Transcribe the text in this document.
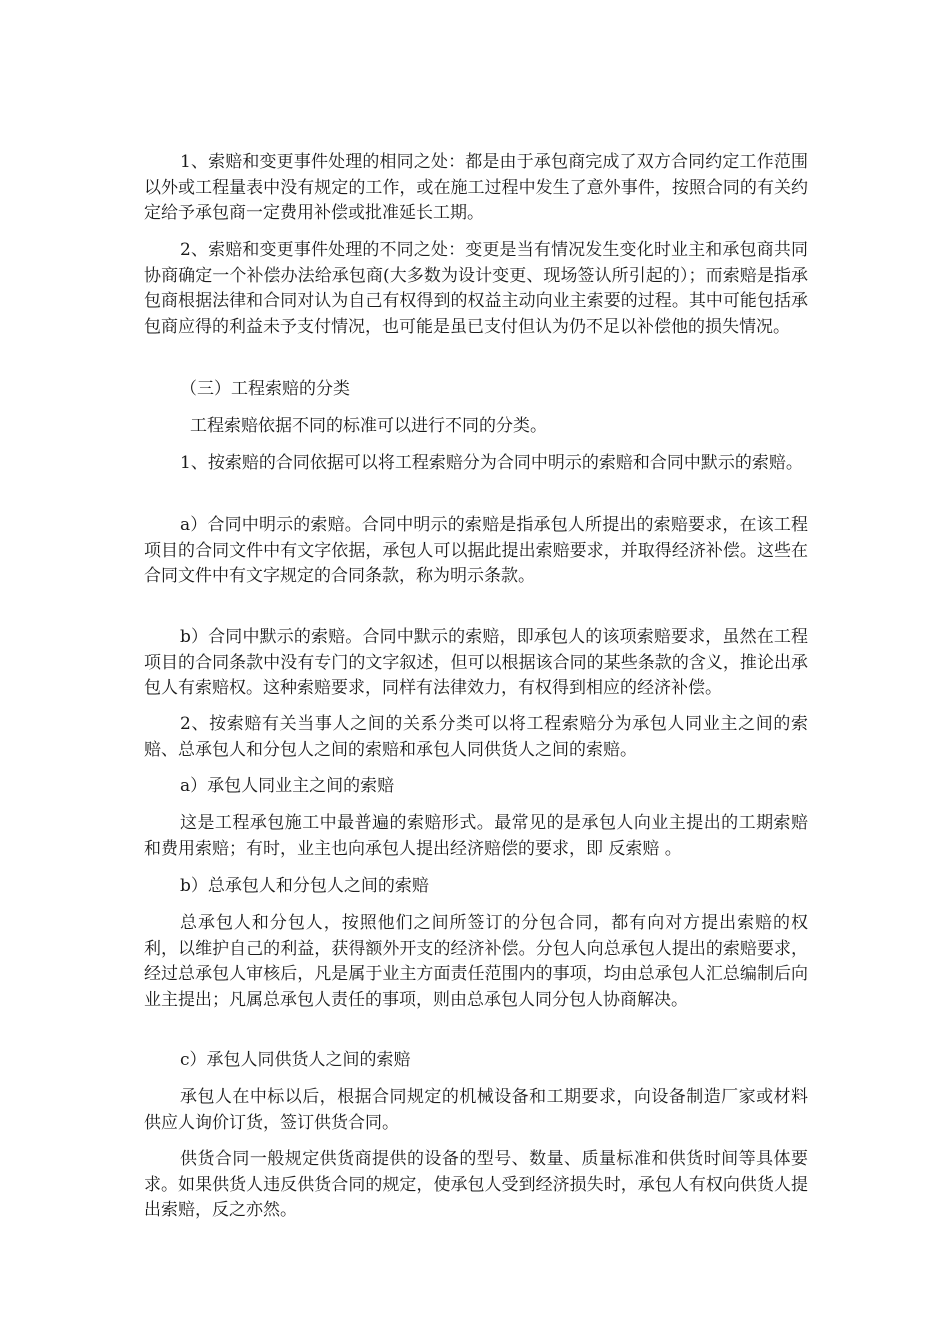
1、索赔和变更事件处理的相同之处：都是由于承包商完成了双方合同约定工作范围以外或工程量表中没有规定的工作，或在施工过程中发生了意外事件，按照合同的有关约定给予承包商一定费用补偿或批准延长工期。

2、索赔和变更事件处理的不同之处：变更是当有情况发生变化时业主和承包商共同协商确定一个补偿办法给承包商(大多数为设计变更、现场签认所引起的）；而索赔是指承包商根据法律和合同对认为自己有权得到的权益主动向业主索要的过程。其中可能包括承包商应得的利益未予支付情况，也可能是虽已支付但认为仍不足以补偿他的损失情况。

（三）工程索赔的分类

工程索赔依据不同的标准可以进行不同的分类。

1、按索赔的合同依据可以将工程索赔分为合同中明示的索赔和合同中默示的索赔。

a）合同中明示的索赔。合同中明示的索赔是指承包人所提出的索赔要求，在该工程项目的合同文件中有文字依据，承包人可以据此提出索赔要求，并取得经济补偿。这些在合同文件中有文字规定的合同条款，称为明示条款。

b）合同中默示的索赔。合同中默示的索赔，即承包人的该项索赔要求，虽然在工程项目的合同条款中没有专门的文字叙述，但可以根据该合同的某些条款的含义，推论出承包人有索赔权。这种索赔要求，同样有法律效力，有权得到相应的经济补偿。

2、按索赔有关当事人之间的关系分类可以将工程索赔分为承包人同业主之间的索赔、总承包人和分包人之间的索赔和承包人同供货人之间的索赔。

a）承包人同业主之间的索赔

这是工程承包施工中最普遍的索赔形式。最常见的是承包人向业主提出的工期索赔和费用索赔；有时，业主也向承包人提出经济赔偿的要求，即 反索赔 。

b）总承包人和分包人之间的索赔

总承包人和分包人，按照他们之间所签订的分包合同，都有向对方提出索赔的权利，以维护自己的利益，获得额外开支的经济补偿。分包人向总承包人提出的索赔要求，经过总承包人审核后，凡是属于业主方面责任范围内的事项，均由总承包人汇总编制后向业主提出；凡属总承包人责任的事项，则由总承包人同分包人协商解决。

c）承包人同供货人之间的索赔

承包人在中标以后，根据合同规定的机械设备和工期要求，向设备制造厂家或材料供应人询价订货，签订供货合同。

供货合同一般规定供货商提供的设备的型号、数量、质量标准和供货时间等具体要求。如果供货人违反供货合同的规定，使承包人受到经济损失时，承包人有权向供货人提出索赔，反之亦然。
